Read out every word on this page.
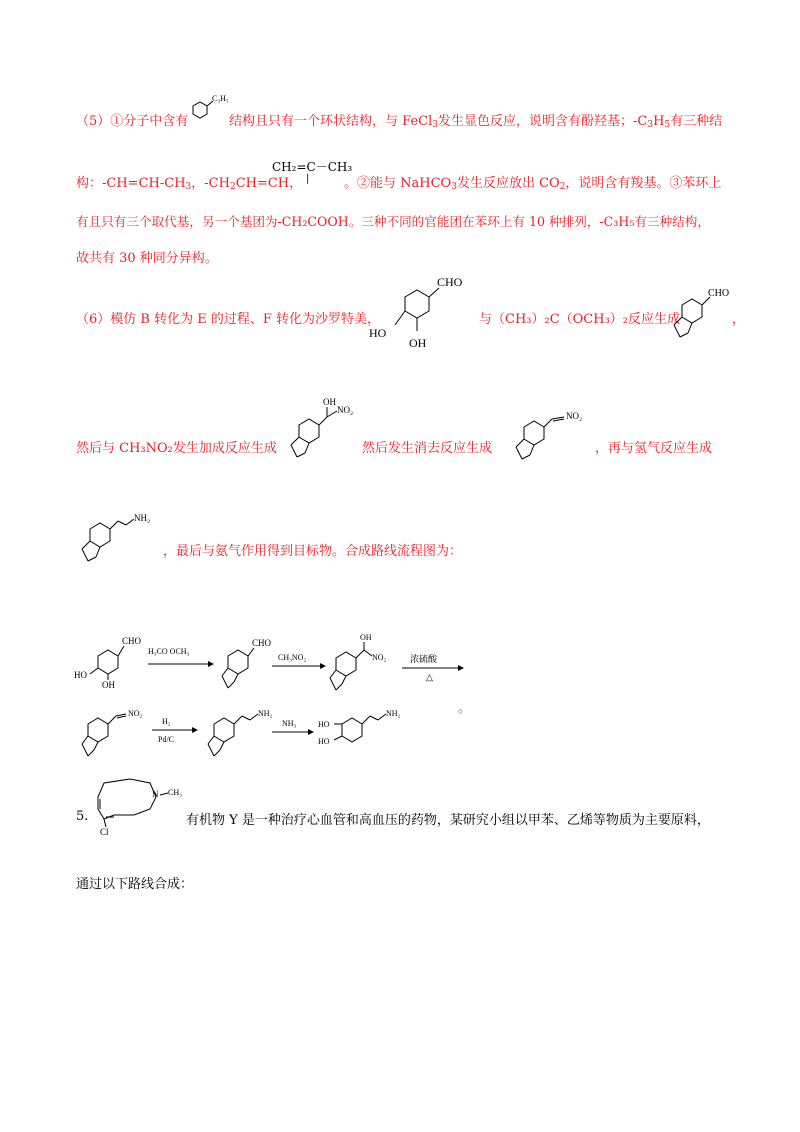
（5）①分子中含有
C₃H₅
结构且只有一个环状结构，与 FeCl$_3$发生显色反应，说明含有酚羟基；$-C_3H_5$有三种结
构：$-CH=CH-CH_3$，$-CH_2CH=CH$，
CH₂=C－CH₃
|	。②能与 NaHCO$_3$发生反应放出 $CO_2$，说明含有羧基。③苯环上
有且只有三个取代基，另一个基团为-CH₂COOH。三种不同的官能团在苯环上有 10 种排列，-C₃H₅有三种结构，
故共有 30 种同分异构。
（6）模仿 B 转化为 E 的过程、F 转化为沙罗特美，
CHO
HO
OH
与（CH₃）₂C（OCH₃）₂反应生成
CHO
，
然后与 CH₃NO₂发生加成反应生成
OH
NO₂
然后发生消去反应生成
NO₂
，再与氢气反应生成
NH₂
，最后与氨气作用得到目标物。合成路线流程图为：
CHO
HO
OH
H₃CO OCH₃
CHO
CH₃NO₂
OH
NO₂	浓硫酸
△
。
NO₂
H₂
Pd/C
NH₂
NH₃
NH₂
HO
HO
5.
N CH₃
Cl
有机物 Y 是一种治疗心血管和高血压的药物，某研究小组以甲苯、乙烯等物质为主要原料，
通过以下路线合成：
